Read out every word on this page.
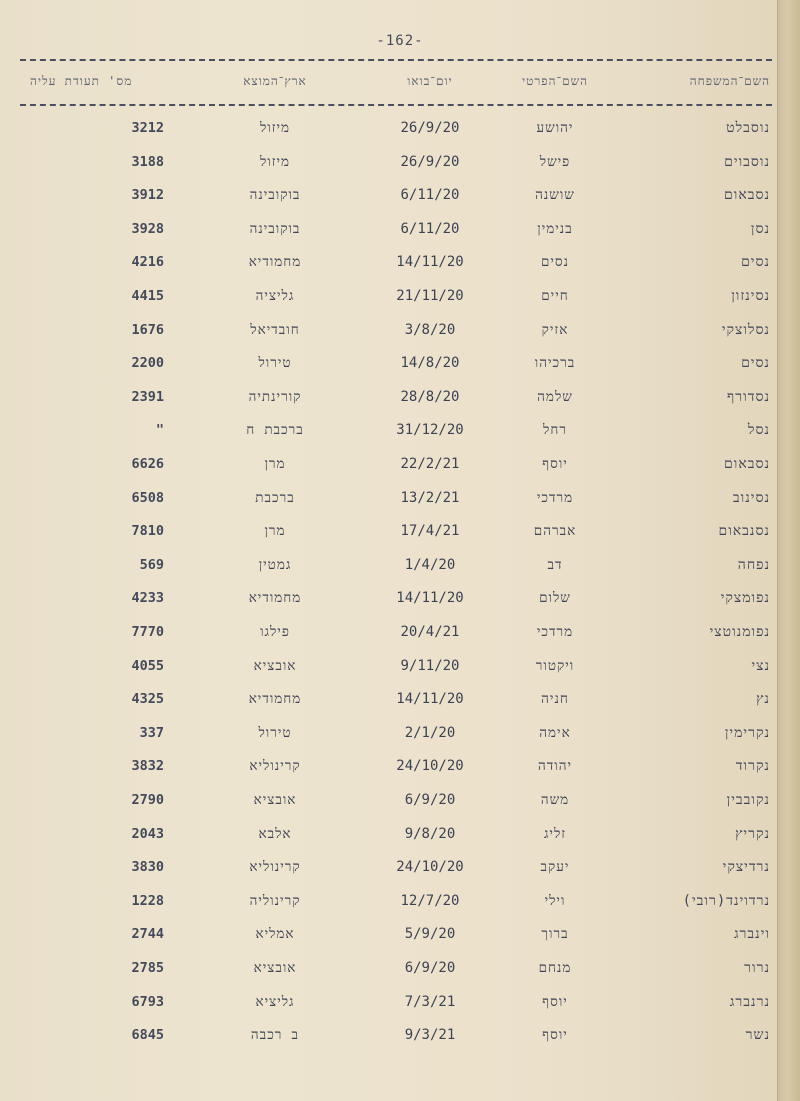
-162-
מס' תעודת עליה	ארץ־המוצא	יום־בואו	השם־הפרטי	השם־המשפחה
3212	מיזול	26/9/20	יהושע	נוסבלט
3188	מיזול	26/9/20	פישל	נוסבוים
3912	בוקובינה	6/11/20	שושנה	נסבאום
3928	בוקובינה	6/11/20	בנימין	נסן
4216	מחמודיא	14/11/20	נסים	נסים
4415	גליציה	21/11/20	חיים	נסינזון
1676	חובדיאל	3/8/20	אזיק	נסלוצקי
2200	טירול	14/8/20	ברכיהו	נסים
2391	קורינתיה	28/8/20	שלמה	נסדורף
"	ברכבת ח	31/12/20	רחל	נסל
6626	מרן	22/2/21	יוסף	נסבאום
6508	ברכבת	13/2/21	מרדכי	נסינוב
7810	מרן	17/4/21	אברהם	נסנבאום
569	גמטין	1/4/20	דב	נפחה
4233	מחמודיא	14/11/20	שלום	נפומצקי
7770	פילגו	20/4/21	מרדכי	נפומנוטצי
4055	אובציא	9/11/20	ויקטור	נצי
4325	מחמודיא	14/11/20	חניה	נץ
337	טירול	2/1/20	אימה	נקרימין
3832	קרינוליא	24/10/20	יהודה	נקרוד
2790	אובציא	6/9/20	משה	נקובבין
2043	אלבא	9/8/20	זליג	נקריץ
3830	קרינוליא	24/10/20	יעקב	נרדיצקי
1228	קרינוליה	12/7/20	וילי	נרדוינד(רובי)
2744	אמליא	5/9/20	ברוך	וינברג
2785	אובציא	6/9/20	מנחם	נרור
6793	גליציא	7/3/21	יוסף	נרנברג
6845	ב רכבה	9/3/21	יוסף	נשר
